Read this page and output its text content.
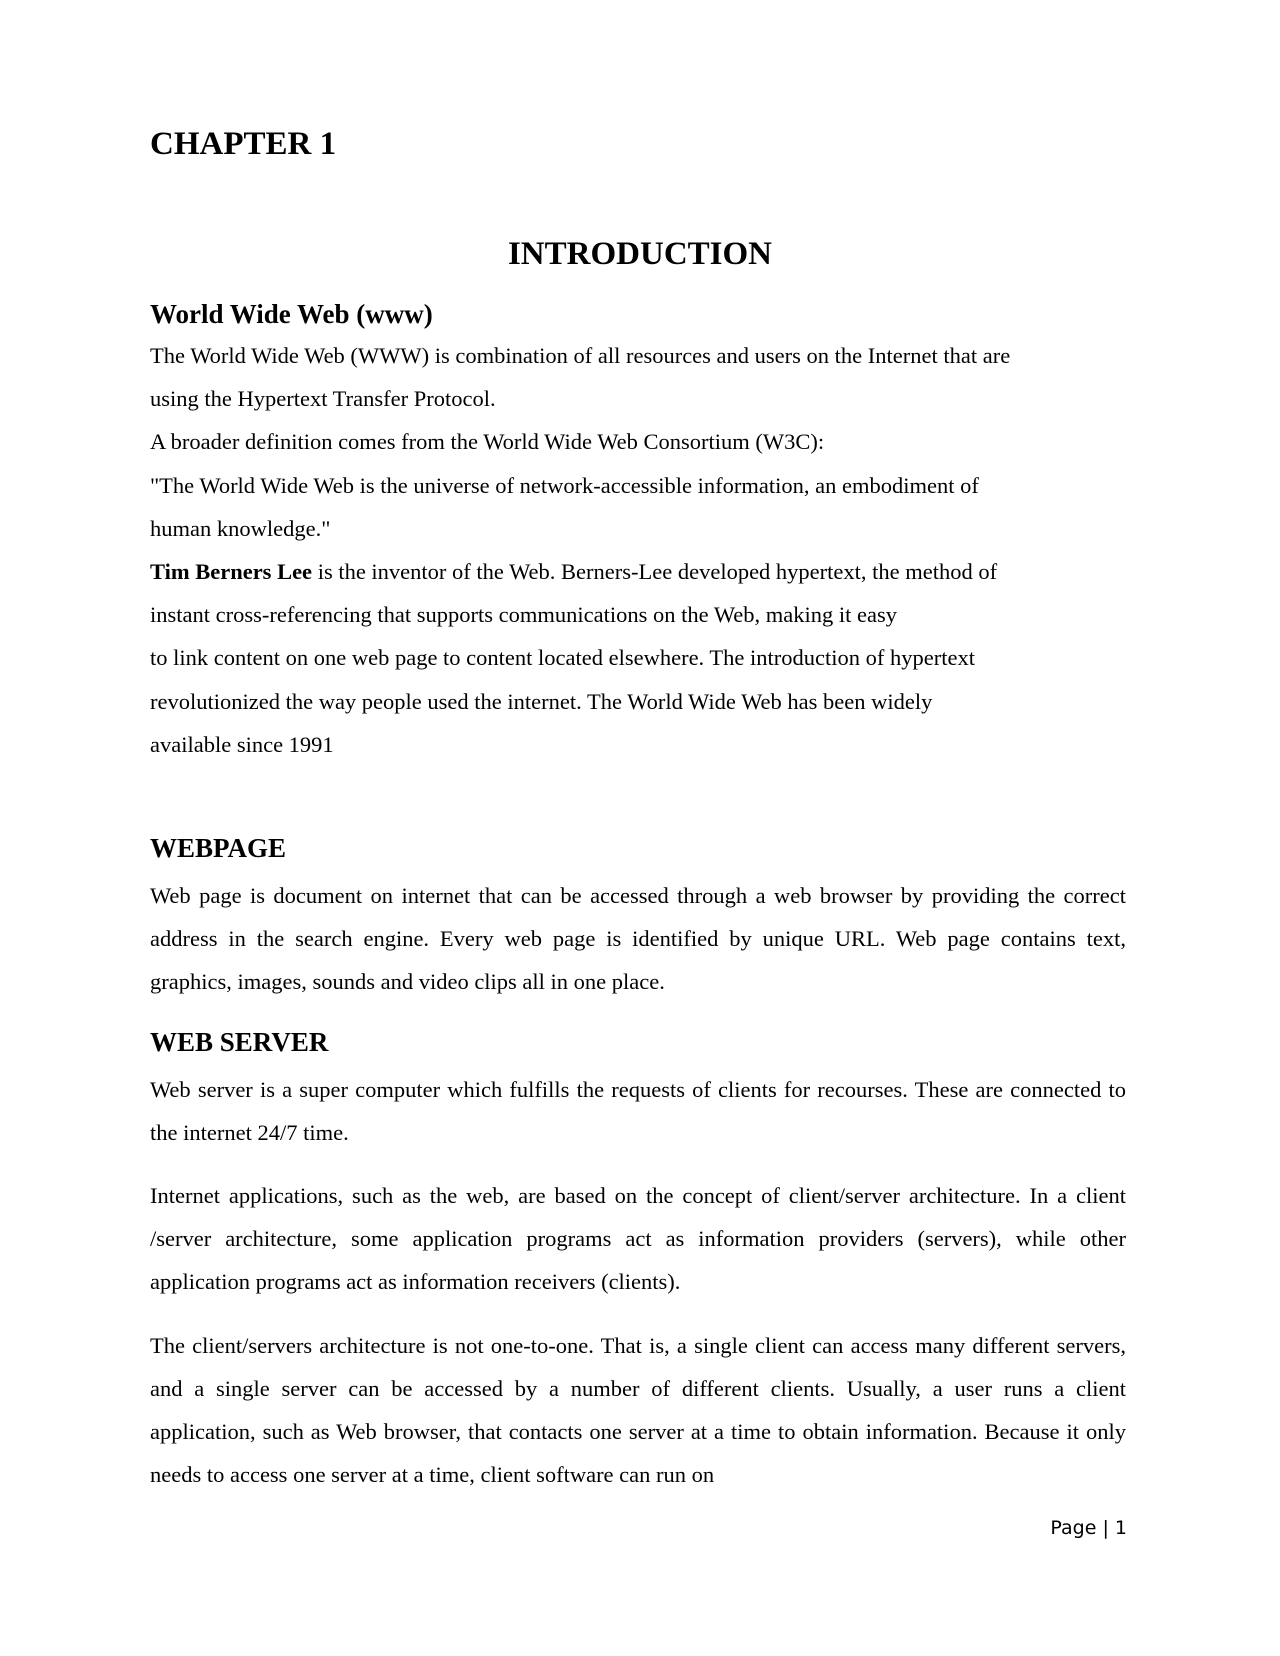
CHAPTER 1
INTRODUCTION
World Wide Web (www)
The World Wide Web (WWW) is combination of all resources and users on the Internet that are
using the Hypertext Transfer Protocol.
A broader definition comes from the World Wide Web Consortium (W3C):
"The World Wide Web is the universe of network-accessible information, an embodiment of
human knowledge."
Tim Berners Lee is the inventor of the Web. Berners-Lee developed hypertext, the method of
instant cross-referencing that supports communications on the Web, making it easy
to link content on one web page to content located elsewhere. The introduction of hypertext
revolutionized the way people used the internet. The World Wide Web has been widely
available since 1991
WEBPAGE

Web page is document on internet that can be accessed through a web browser by providing the correct address in the search engine. Every web page is identified by unique URL. Web page contains text, graphics, images, sounds and video clips all in one place.

WEB SERVER

Web server is a super computer which fulfills the requests of clients for recourses. These are connected to the internet 24/7 time.

Internet applications, such as the web, are based on the concept of client/server architecture. In a client /server architecture, some application programs act as information providers (servers), while other application programs act as information receivers (clients).

The client/servers architecture is not one-to-one. That is, a single client can access many different servers, and a single server can be accessed by a number of different clients. Usually, a user runs a client application, such as Web browser, that contacts one server at a time to obtain information. Because it only needs to access one server at a time, client software can run on

Page | 1
